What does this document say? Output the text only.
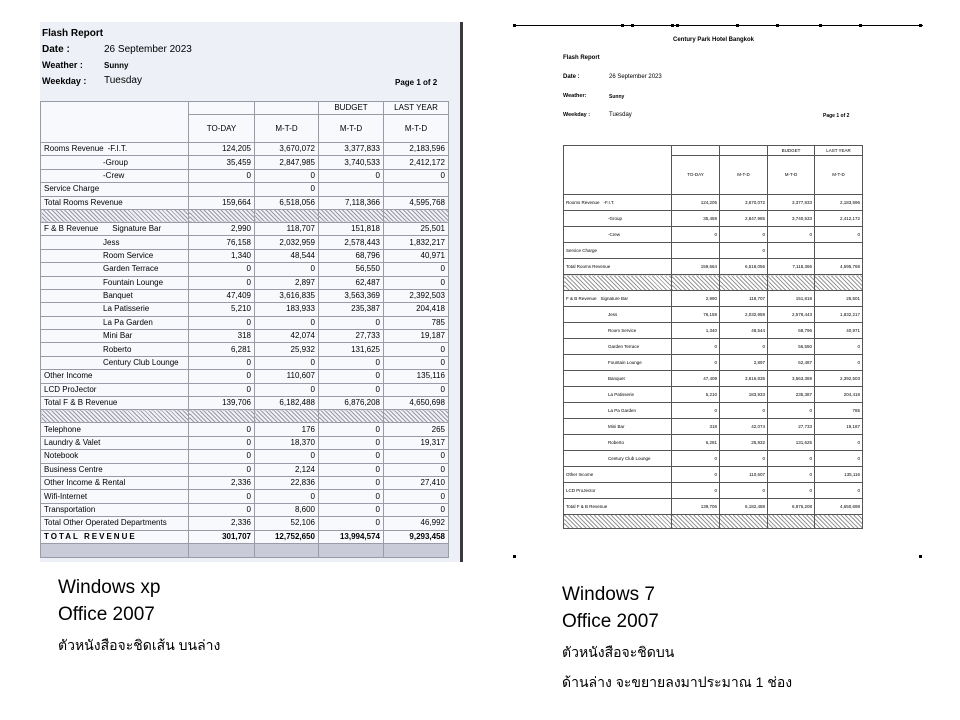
Flash Report
Date :	26 September 2023
Weather :	Sunny
Weekday : Tuesday	Page 1 of 2
			BUDGET	LAST YEAR
	TO-DAY	M-T-D	M-T-D	M-T-D
Rooms Revenue -F.I.T.	124,205	3,670,072	3,377,833	2,183,596
-Group	35,459	2,847,985	3,740,533	2,412,172
-Crew	0	0	0	0
Service Charge		0		
Total Rooms Revenue	159,664	6,518,056	7,118,366	4,595,768

F & B Revenue Signature Bar	2,990	118,707	151,818	25,501
Jess	76,158	2,032,959	2,578,443	1,832,217
Room Service	1,340	48,544	68,796	40,971
Garden Terrace	0	0	56,550	0
Fountain Lounge	0	2,897	62,487	0
Banquet	47,409	3,616,835	3,563,369	2,392,503
La Patisserie	5,210	183,933	235,387	204,418
La Pa Garden	0	0	0	785
Mini Bar	318	42,074	27,733	19,187
Roberto	6,281	25,932	131,625	0
Century Club Lounge	0	0	0	0
Other Income	0	110,607	0	135,116
LCD ProJector	0	0	0	0
Total F & B Revenue	139,706	6,182,488	6,876,208	4,650,698

Telephone	0	176	0	265
Laundry & Valet	0	18,370	0	19,317
Notebook	0	0	0	0
Business Centre	0	2,124	0	0
Other Income & Rental	2,336	22,836	0	27,410
Wifi-Internet	0	0	0	0
Transportation	0	8,600	0	0
Total Other Operated Departments	2,336	52,106	0	46,992
TOTAL REVENUE	301,707	12,752,650	13,994,574	9,293,458

Century Park Hotel Bangkok
Flash Report
Date :	26 September 2023
Weather:	Sunny
Weekday :	Tuesday	Page 1 of 2
			BUDGET	LAST YEAR
	TO-DAY	M-T-D	M-T-D	M-T-D
Rooms Revenue -F.I.T.	124,205	3,670,072	3,377,833	2,183,596
-Group	35,459	2,847,985	3,740,533	2,412,172
-Crew	0	0	0	0
Service Charge		0		
Total Rooms Revenue	159,664	6,518,056	7,118,366	4,595,768

F & B Revenue Signature Bar	2,990	118,707	151,818	25,501
Jess	76,158	2,032,959	2,578,443	1,832,217
Room Service	1,340	48,544	68,796	40,971
Garden Terrace	0	0	56,550	0
Fountain Lounge	0	2,897	62,487	0
Banquet	47,409	3,616,835	3,563,369	2,392,503
La Patisserie	5,210	183,933	235,387	204,418
La Pa Garden	0	0	0	785
Mini Bar	318	42,074	27,733	19,187
Roberto	6,281	25,932	131,625	0
Century Club Lounge	0	0	0	0
Other Income	0	110,607	0	135,116
LCD ProJector	0	0	0	0
Total F & B Revenue	139,706	6,182,488	6,876,208	4,650,698

Windows xp
Office 2007
ตัวหนังสือจะชิดเส้น บนล่าง
Windows 7
Office 2007
ตัวหนังสือจะชิดบน
ด้านล่าง จะขยายลงมาประมาณ 1 ช่อง
